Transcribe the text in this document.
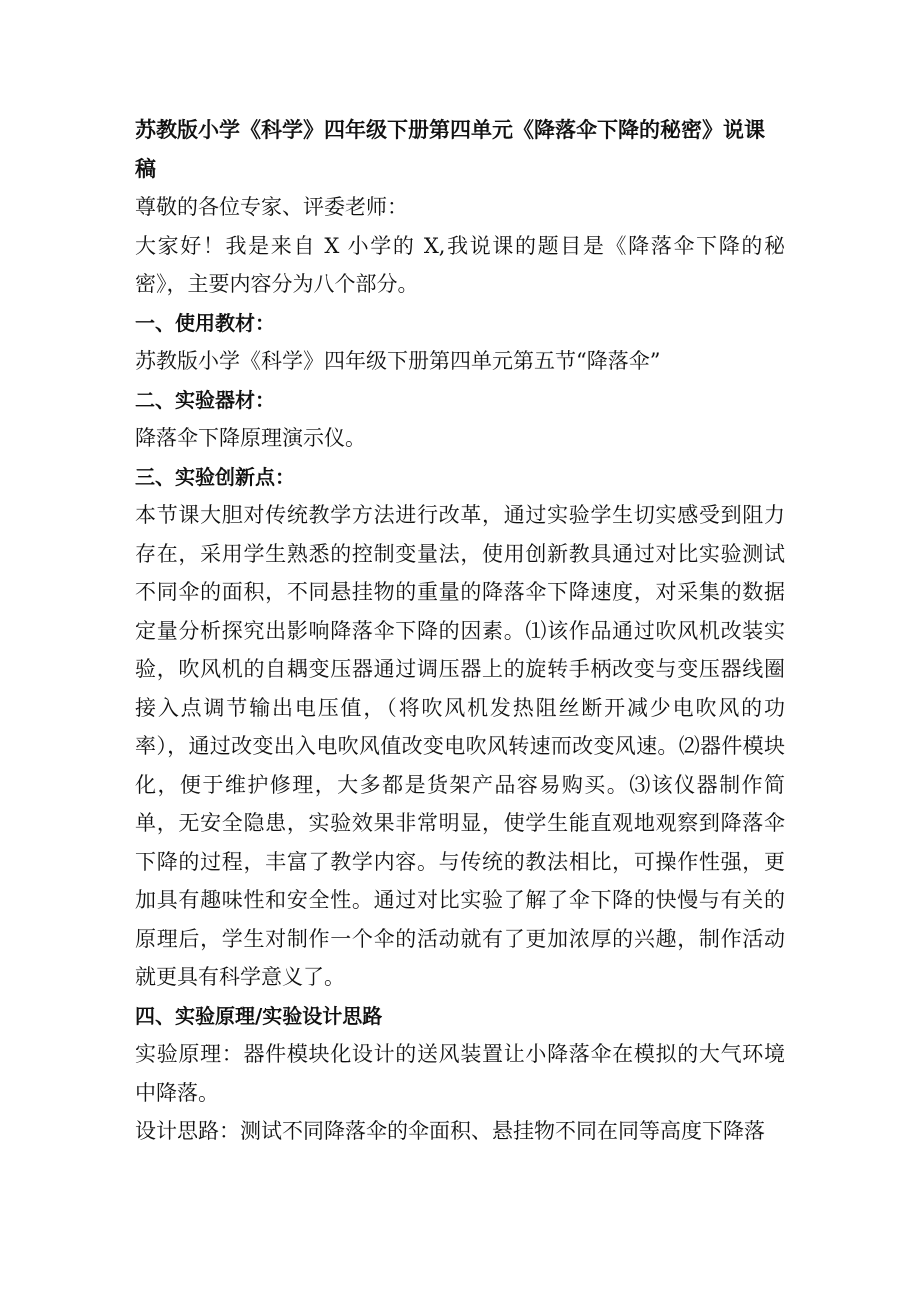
苏教版小学《科学》四年级下册第四单元《降落伞下降的秘密》说课稿

尊敬的各位专家、评委老师：

大家好！我是来自 X 小学的 X,我说课的题目是《降落伞下降的秘密》，主要内容分为八个部分。

一、使用教材：

苏教版小学《科学》四年级下册第四单元第五节“降落伞”

二、实验器材：

降落伞下降原理演示仪。

三、实验创新点：

本节课大胆对传统教学方法进行改革，通过实验学生切实感受到阻力存在，采用学生熟悉的控制变量法，使用创新教具通过对比实验测试不同伞的面积，不同悬挂物的重量的降落伞下降速度，对采集的数据定量分析探究出影响降落伞下降的因素。⑴该作品通过吹风机改装实验，吹风机的自耦变压器通过调压器上的旋转手柄改变与变压器线圈接入点调节输出电压值，（将吹风机发热阻丝断开减少电吹风的功率），通过改变出入电吹风值改变电吹风转速而改变风速。⑵器件模块化，便于维护修理，大多都是货架产品容易购买。⑶该仪器制作简单，无安全隐患，实验效果非常明显，使学生能直观地观察到降落伞下降的过程，丰富了教学内容。与传统的教法相比，可操作性强，更加具有趣味性和安全性。通过对比实验了解了伞下降的快慢与有关的原理后，学生对制作一个伞的活动就有了更加浓厚的兴趣，制作活动就更具有科学意义了。

四、实验原理/实验设计思路

实验原理：器件模块化设计的送风装置让小降落伞在模拟的大气环境中降落。

设计思路：测试不同降落伞的伞面积、悬挂物不同在同等高度下降落
